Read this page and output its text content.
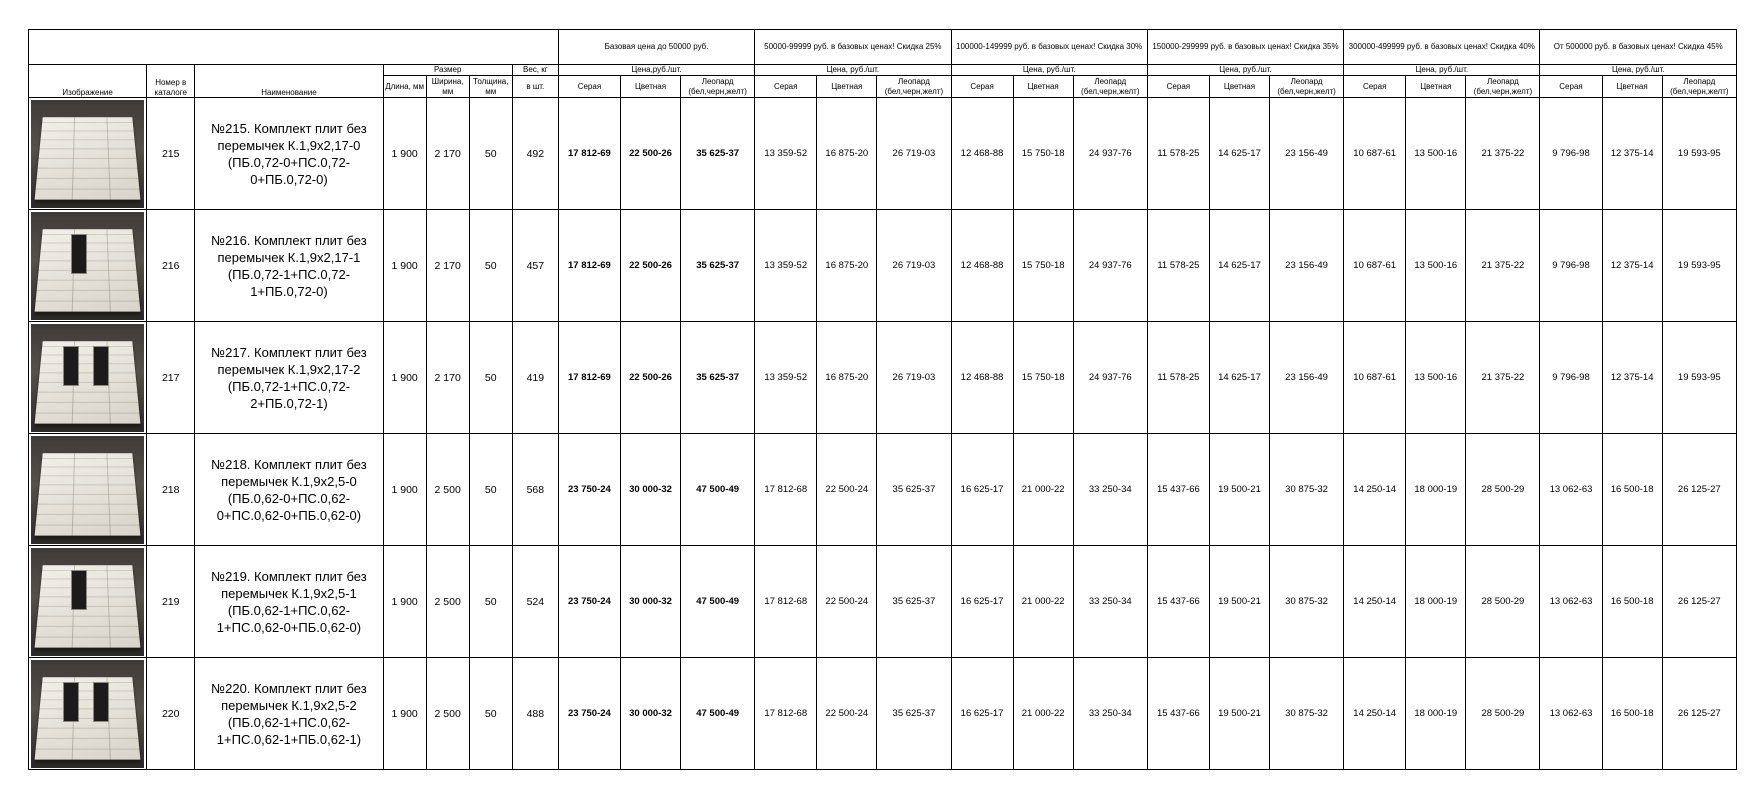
							Базовая цена до 50000 руб.			50000-99999 руб. в базовых ценах! Скидка 25%			100000-149999 руб. в базовых ценах! Скидка 30%			150000-299999 руб. в базовых ценах! Скидка 35%			300000-499999 руб. в базовых ценах! Скидка 40%			От 500000 руб. в базовых ценах! Скидка 45%		
Изображение	Номер в каталоге	Наименование	Размер			Вес, кг	Цена,руб./шт.			Цена, руб./шт.			Цена, руб./шт.			Цена, руб./шт.			Цена, руб./шт.			Цена, руб./шт.		
			Длина, мм	Ширина, мм	Толщина, мм	в шт.	Серая	Цветная	Леопард (бел,черн,желт)	Серая	Цветная	Леопард (бел,черн,желт)	Серая	Цветная	Леопард (бел,черн,желт)	Серая	Цветная	Леопард (бел,черн,желт)	Серая	Цветная	Леопард (бел,черн,желт)	Серая	Цветная	Леопард (бел,черн,желт)

	215	№215. Комплект плит без перемычек К.1,9х2,17-0 (ПБ.0,72-0+ПС.0,72-0+ПБ.0,72-0)	1 900	2 170	50	492	17 812-69	22 500-26	35 625-37	13 359-52	16 875-20	26 719-03	12 468-88	15 750-18	24 937-76	11 578-25	14 625-17	23 156-49	10 687-61	13 500-16	21 375-22	9 796-98	12 375-14	19 593-95

	216	№216. Комплект плит без перемычек К.1,9х2,17-1 (ПБ.0,72-1+ПС.0,72-1+ПБ.0,72-0)	1 900	2 170	50	457	17 812-69	22 500-26	35 625-37	13 359-52	16 875-20	26 719-03	12 468-88	15 750-18	24 937-76	11 578-25	14 625-17	23 156-49	10 687-61	13 500-16	21 375-22	9 796-98	12 375-14	19 593-95

	217	№217. Комплект плит без перемычек К.1,9х2,17-2 (ПБ.0,72-1+ПС.0,72-2+ПБ.0,72-1)	1 900	2 170	50	419	17 812-69	22 500-26	35 625-37	13 359-52	16 875-20	26 719-03	12 468-88	15 750-18	24 937-76	11 578-25	14 625-17	23 156-49	10 687-61	13 500-16	21 375-22	9 796-98	12 375-14	19 593-95

	218	№218. Комплект плит без перемычек К.1,9х2,5-0 (ПБ.0,62-0+ПС.0,62-0+ПС.0,62-0+ПБ.0,62-0)	1 900	2 500	50	568	23 750-24	30 000-32	47 500-49	17 812-68	22 500-24	35 625-37	16 625-17	21 000-22	33 250-34	15 437-66	19 500-21	30 875-32	14 250-14	18 000-19	28 500-29	13 062-63	16 500-18	26 125-27

	219	№219. Комплект плит без перемычек К.1,9х2,5-1 (ПБ.0,62-1+ПС.0,62-1+ПС.0,62-0+ПБ.0,62-0)	1 900	2 500	50	524	23 750-24	30 000-32	47 500-49	17 812-68	22 500-24	35 625-37	16 625-17	21 000-22	33 250-34	15 437-66	19 500-21	30 875-32	14 250-14	18 000-19	28 500-29	13 062-63	16 500-18	26 125-27

	220	№220. Комплект плит без перемычек К.1,9х2,5-2 (ПБ.0,62-1+ПС.0,62-1+ПС.0,62-1+ПБ.0,62-1)	1 900	2 500	50	488	23 750-24	30 000-32	47 500-49	17 812-68	22 500-24	35 625-37	16 625-17	21 000-22	33 250-34	15 437-66	19 500-21	30 875-32	14 250-14	18 000-19	28 500-29	13 062-63	16 500-18	26 125-27
